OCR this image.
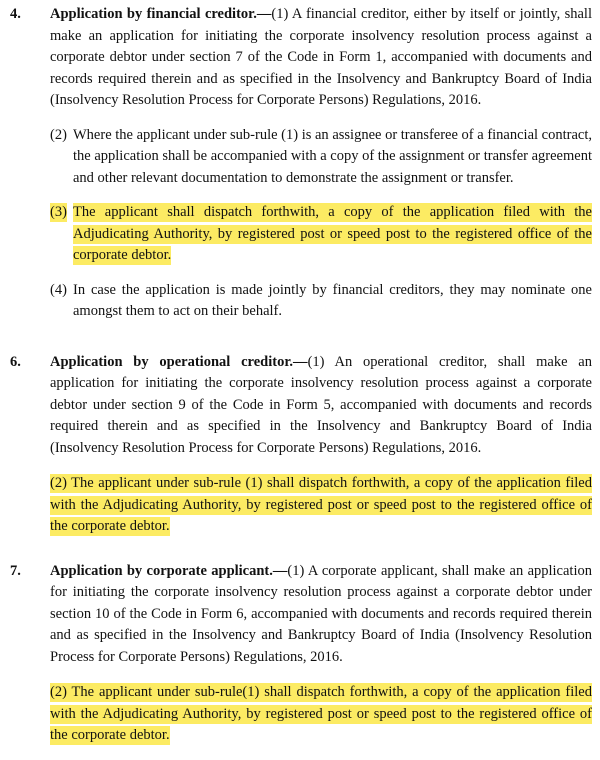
4.	Application by financial creditor.—(1) A financial creditor, either by itself or jointly, shall make an application for initiating the corporate insolvency resolution process against a corporate debtor under section 7 of the Code in Form 1, accompanied with documents and records required therein and as specified in the Insolvency and Bankruptcy Board of India (Insolvency Resolution Process for Corporate Persons) Regulations, 2016.

(2) Where the applicant under sub-rule (1) is an assignee or transferee of a financial contract, the application shall be accompanied with a copy of the assignment or transfer agreement and other relevant documentation to demonstrate the assignment or transfer.

(3) The applicant shall dispatch forthwith, a copy of the application filed with the Adjudicating Authority, by registered post or speed post to the registered office of the corporate debtor.

(4) In case the application is made jointly by financial creditors, they may nominate one amongst them to act on their behalf.

6.	Application by operational creditor.—(1) An operational creditor, shall make an application for initiating the corporate insolvency resolution process against a corporate debtor under section 9 of the Code in Form 5, accompanied with documents and records required therein and as specified in the Insolvency and Bankruptcy Board of India (Insolvency Resolution Process for Corporate Persons) Regulations, 2016.

(2) The applicant under sub-rule (1) shall dispatch forthwith, a copy of the application filed with the Adjudicating Authority, by registered post or speed post to the registered office of the corporate debtor.

7.	Application by corporate applicant.—(1) A corporate applicant, shall make an application for initiating the corporate insolvency resolution process against a corporate debtor under section 10 of the Code in Form 6, accompanied with documents and records required therein and as specified in the Insolvency and Bankruptcy Board of India (Insolvency Resolution Process for Corporate Persons) Regulations, 2016.

(2) The applicant under sub-rule(1) shall dispatch forthwith, a copy of the application filed with the Adjudicating Authority, by registered post or speed post to the registered office of the corporate debtor.
